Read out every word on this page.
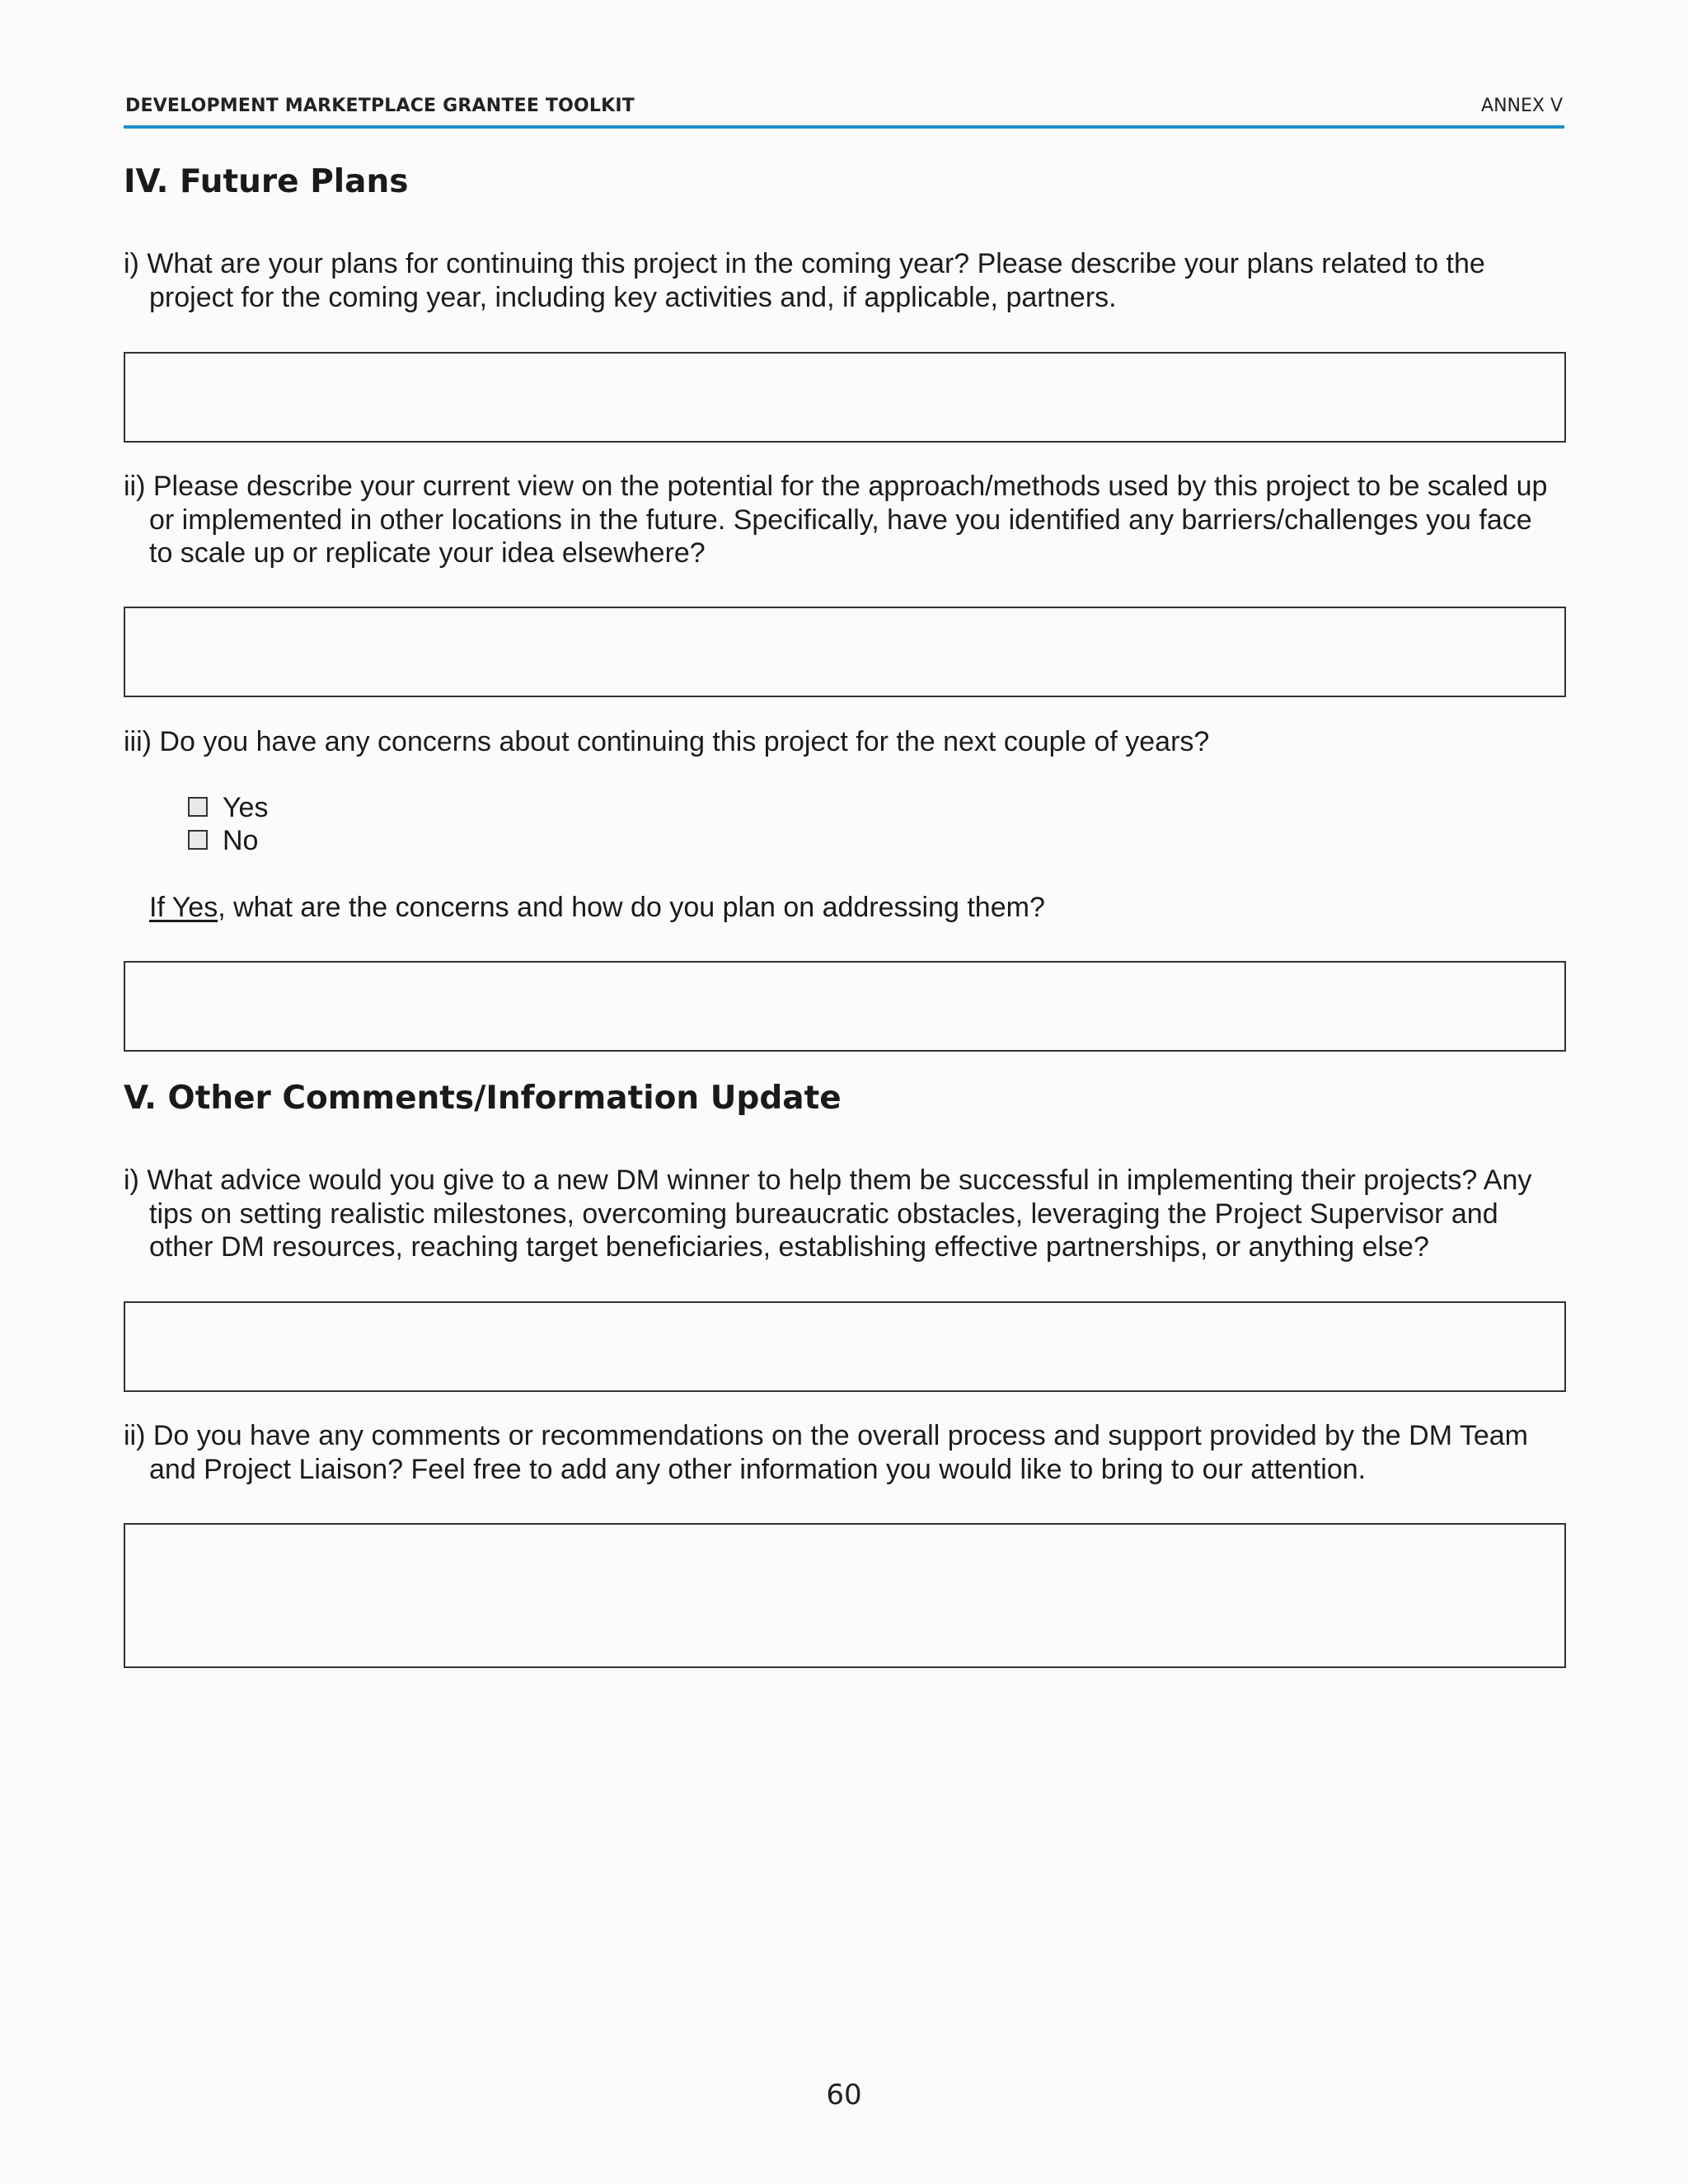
DEVELOPMENT MARKETPLACE GRANTEE TOOLKIT	ANNEX V
IV. Future Plans
i) What are your plans for continuing this project in the coming year? Please describe your plans related to the
project for the coming year, including key activities and, if applicable, partners.
ii) Please describe your current view on the potential for the approach/methods used by this project to be scaled up
or implemented in other locations in the future. Specifically, have you identified any barriers/challenges you face
to scale up or replicate your idea elsewhere?
iii) Do you have any concerns about continuing this project for the next couple of years?
Yes
No
If Yes, what are the concerns and how do you plan on addressing them?
V. Other Comments/Information Update
i) What advice would you give to a new DM winner to help them be successful in implementing their projects? Any
tips on setting realistic milestones, overcoming bureaucratic obstacles, leveraging the Project Supervisor and
other DM resources, reaching target beneficiaries, establishing effective partnerships, or anything else?
ii) Do you have any comments or recommendations on the overall process and support provided by the DM Team
and Project Liaison? Feel free to add any other information you would like to bring to our attention.
60
